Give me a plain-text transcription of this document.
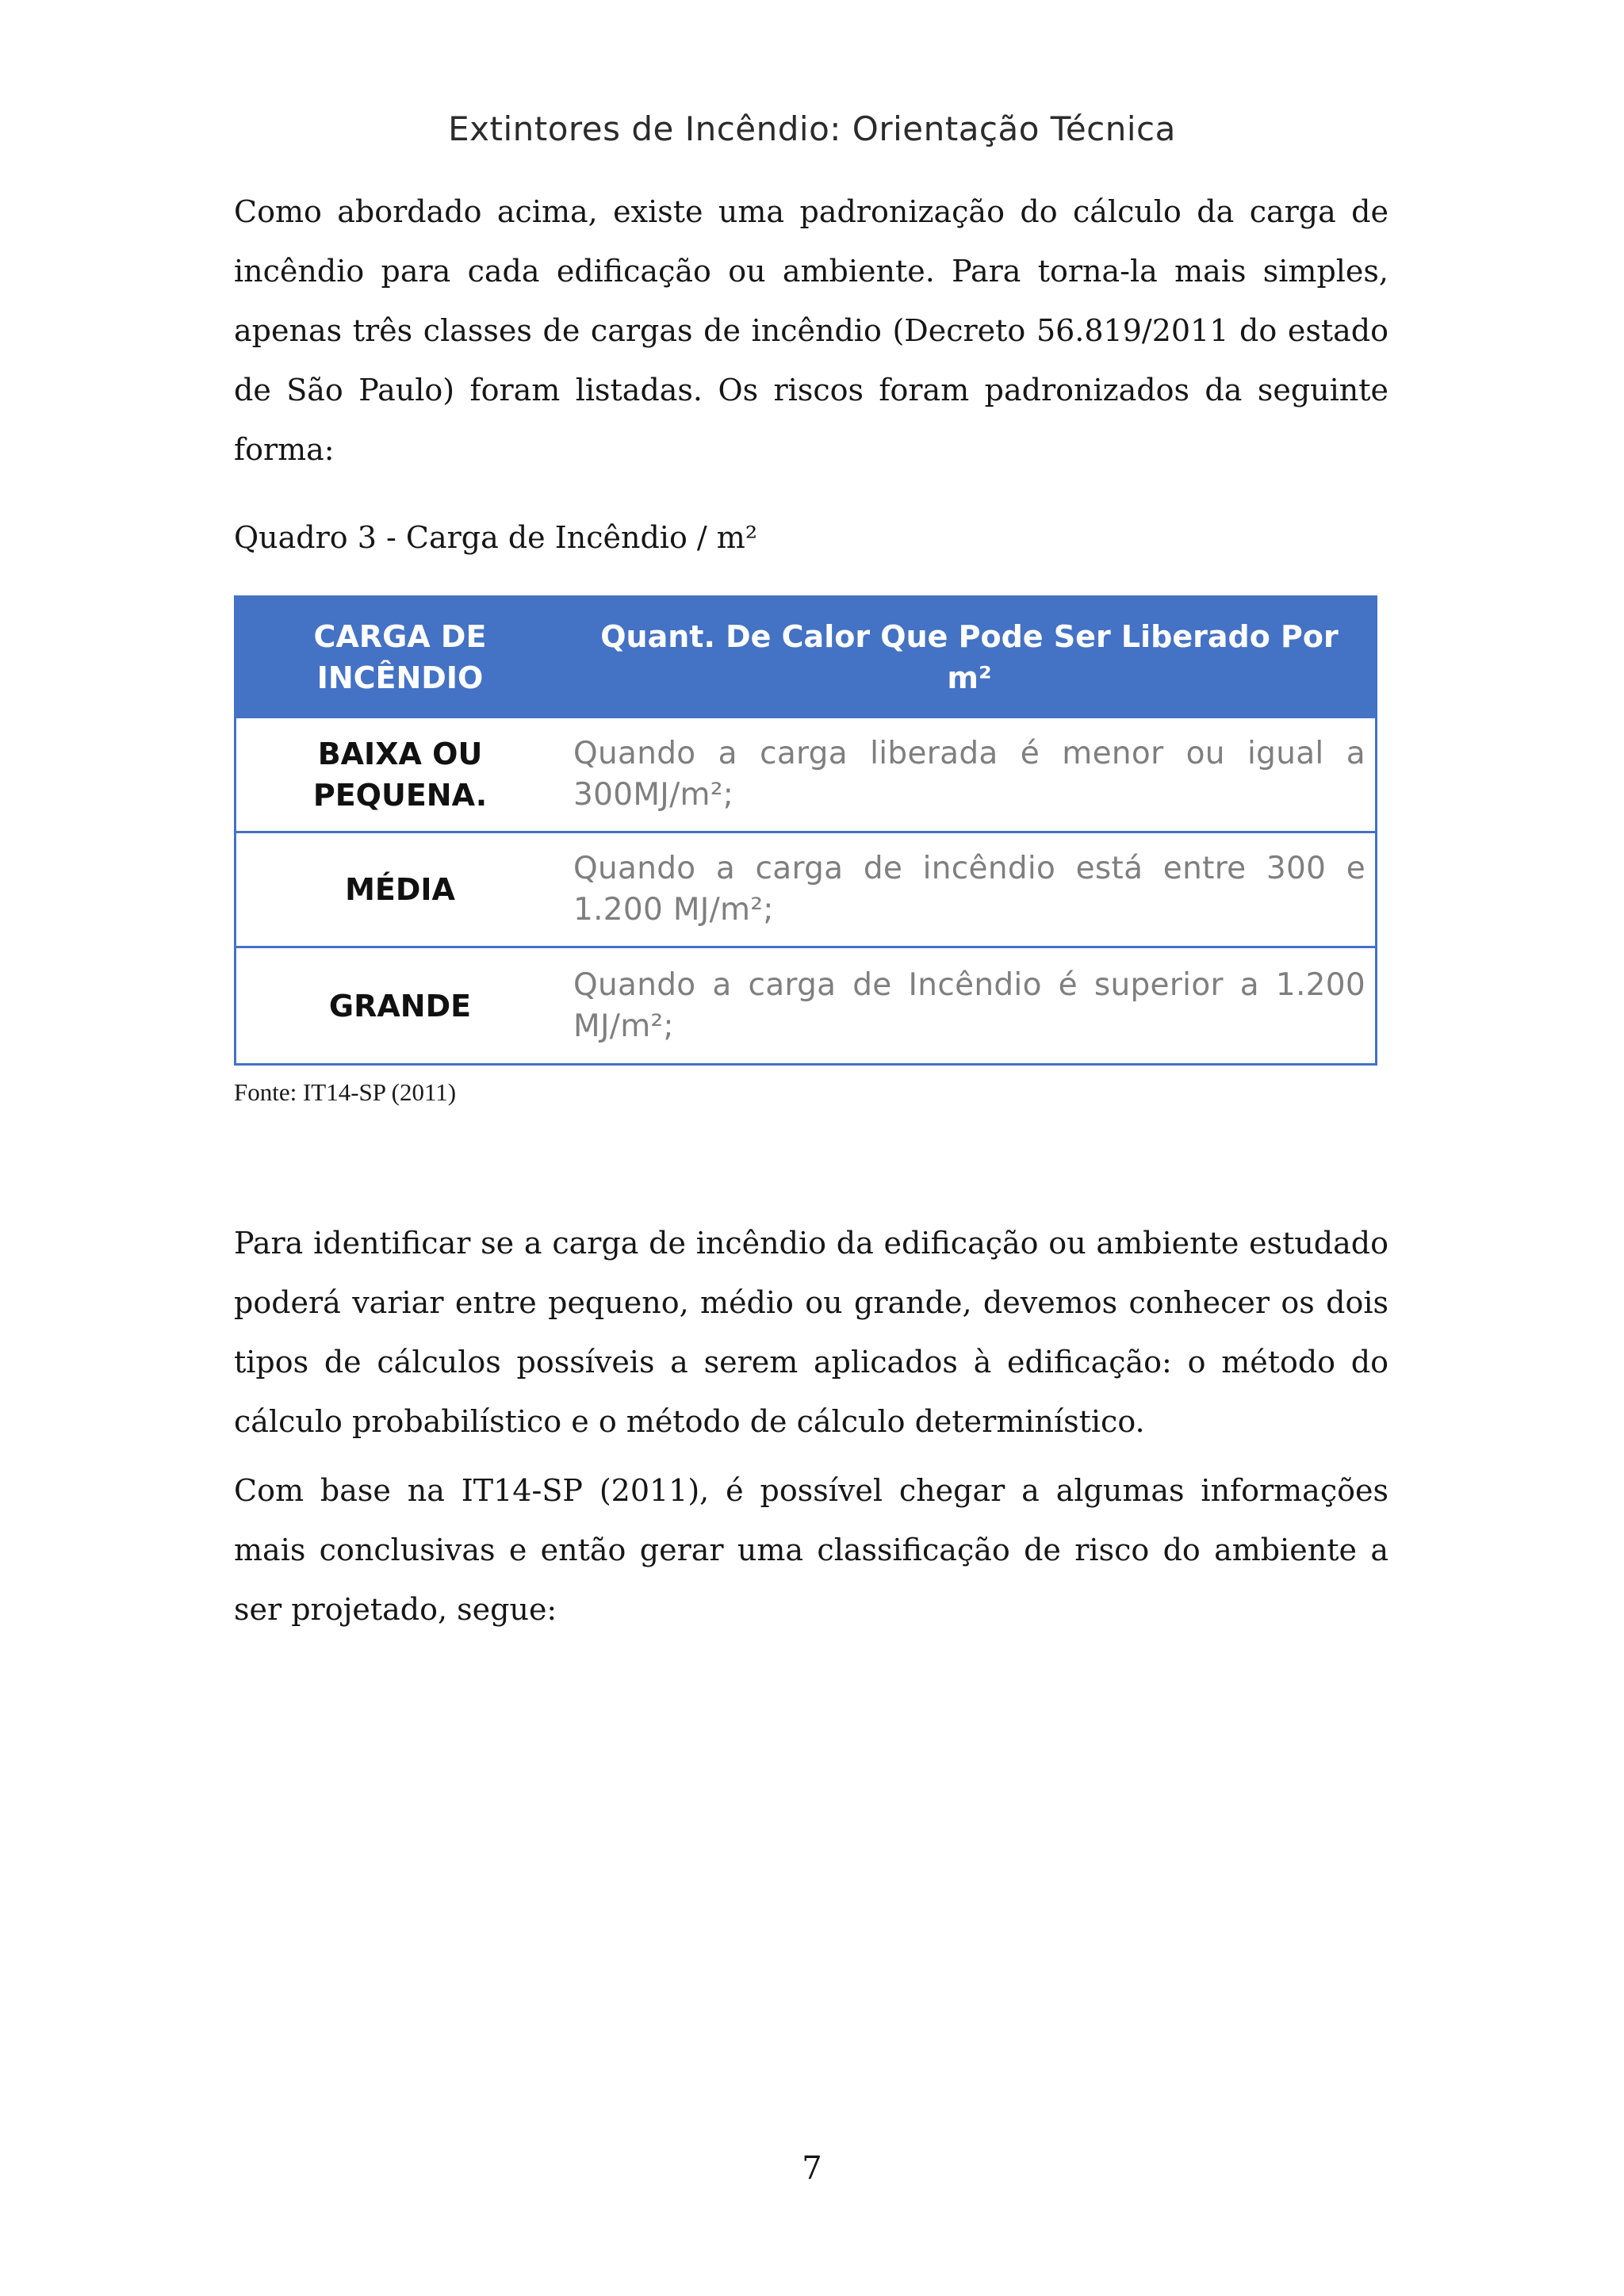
Extintores de Incêndio: Orientação Técnica

Como abordado acima, existe uma padronização do cálculo da carga de incêndio para cada edificação ou ambiente. Para torna-la mais simples, apenas três classes de cargas de incêndio (Decreto 56.819/2011 do estado de São Paulo) foram listadas. Os riscos foram padronizados da seguinte forma:

Quadro 3 - Carga de Incêndio / m²
CARGA DE INCÊNDIO
Quant. De Calor Que Pode Ser Liberado Por m²
BAIXA OU PEQUENA.
Quando a carga liberada é menor ou igual a 300MJ/m²;
MÉDIA
Quando a carga de incêndio está entre 300 e 1.200 MJ/m²;
GRANDE
Quando a carga de Incêndio é superior a 1.200 MJ/m²;
Fonte: IT14-SP (2011)

Para identificar se a carga de incêndio da edificação ou ambiente estudado poderá variar entre pequeno, médio ou grande, devemos conhecer os dois tipos de cálculos possíveis a serem aplicados à edificação: o método do cálculo probabilístico e o método de cálculo determinístico.

Com base na IT14-SP (2011), é possível chegar a algumas informações mais conclusivas e então gerar uma classificação de risco do ambiente a ser projetado, segue:

7
